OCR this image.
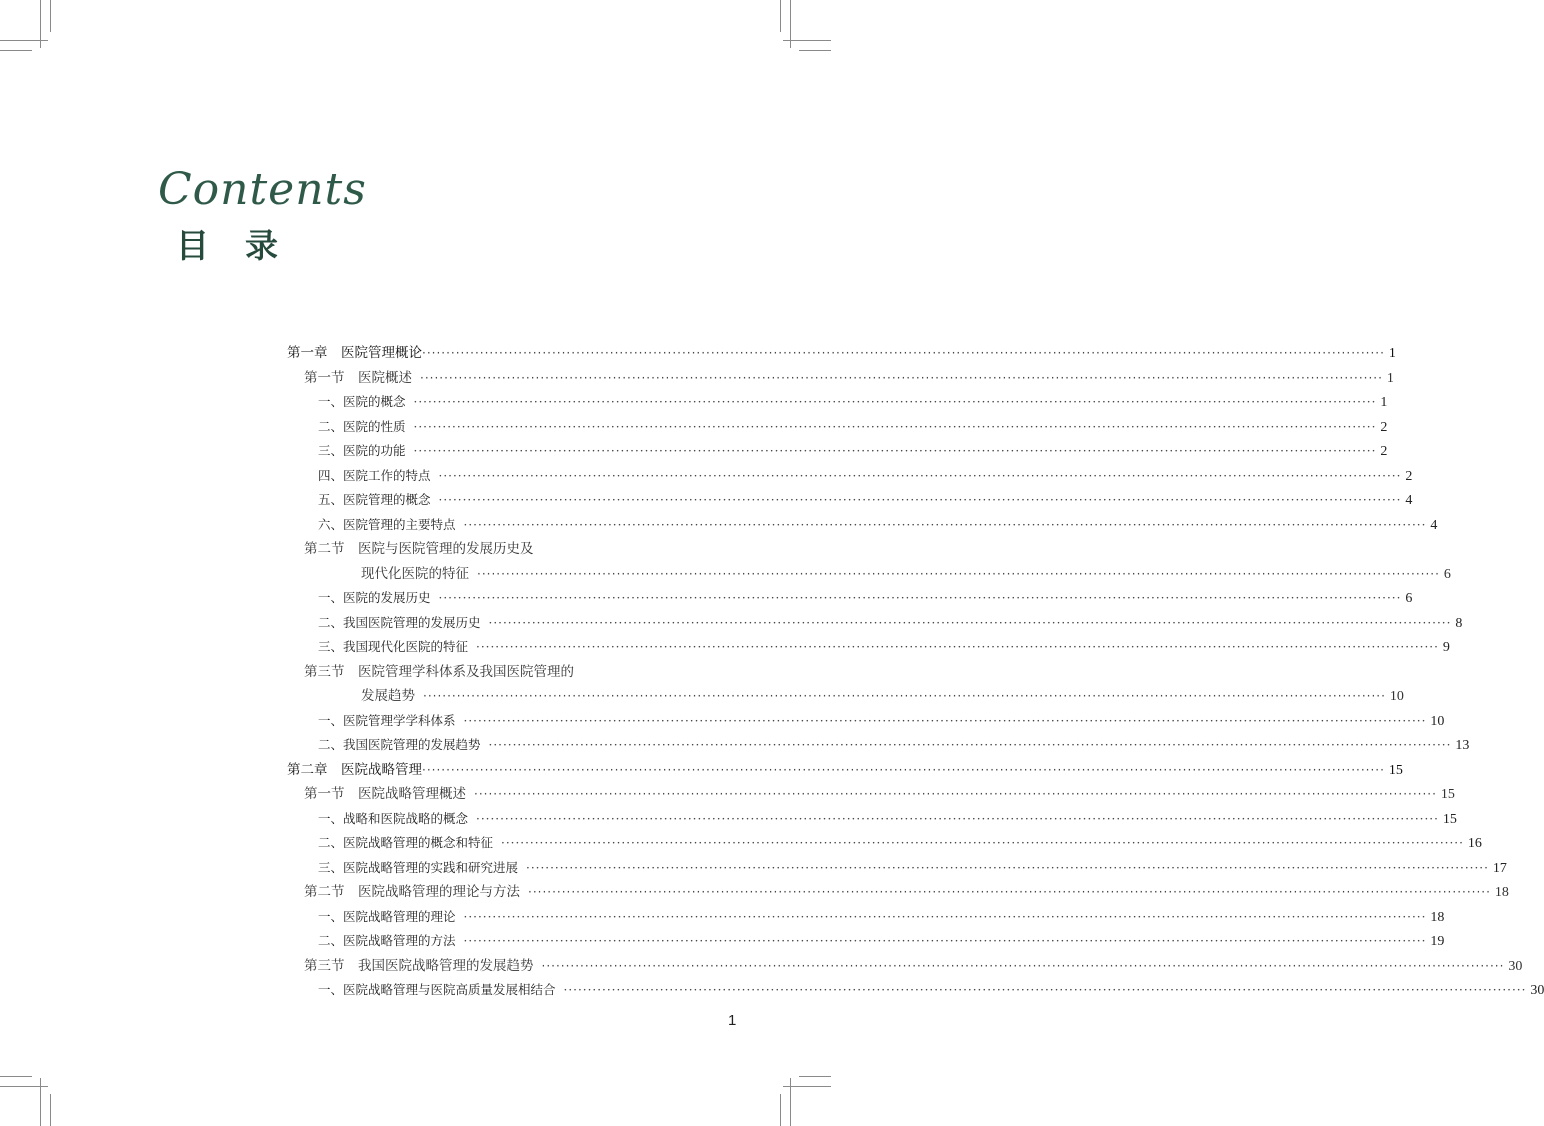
Contents
目录
第一章　医院管理概论 ········································································································································································································ 1
第一节　医院概述 ········································································································································································································ 1
一、医院的概念 ········································································································································································································ 1
二、医院的性质 ········································································································································································································ 2
三、医院的功能 ········································································································································································································ 2
四、医院工作的特点 ········································································································································································································ 2
五、医院管理的概念 ········································································································································································································ 4
六、医院管理的主要特点 ········································································································································································································ 4
第二节　医院与医院管理的发展历史及
现代化医院的特征 ········································································································································································································ 6
一、医院的发展历史 ········································································································································································································ 6
二、我国医院管理的发展历史 ········································································································································································································ 8
三、我国现代化医院的特征 ········································································································································································································ 9
第三节　医院管理学科体系及我国医院管理的
发展趋势 ········································································································································································································ 10
一、医院管理学学科体系 ········································································································································································································ 10
二、我国医院管理的发展趋势 ········································································································································································································ 13
第二章　医院战略管理 ········································································································································································································ 15
第一节　医院战略管理概述 ········································································································································································································ 15
一、战略和医院战略的概念 ········································································································································································································ 15
二、医院战略管理的概念和特征 ········································································································································································································ 16
三、医院战略管理的实践和研究进展 ········································································································································································································ 17
第二节　医院战略管理的理论与方法 ········································································································································································································ 18
一、医院战略管理的理论 ········································································································································································································ 18
二、医院战略管理的方法 ········································································································································································································ 19
第三节　我国医院战略管理的发展趋势 ········································································································································································································ 30
一、医院战略管理与医院高质量发展相结合 ········································································································································································································ 30
1
